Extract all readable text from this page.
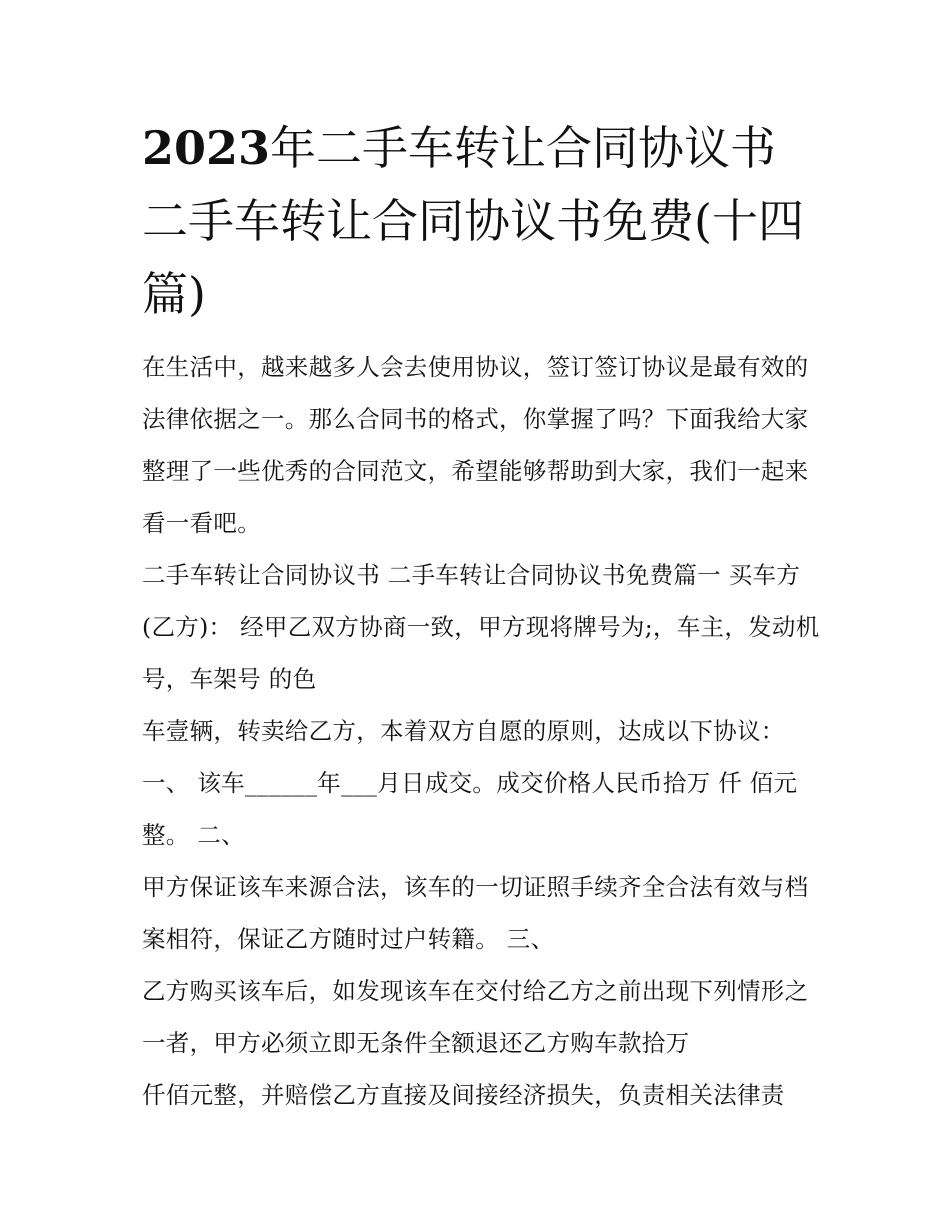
2023年二手车转让合同协议书二手车转让合同协议书免费(十四篇)

在生活中，越来越多人会去使用协议，签订签订协议是最有效的法律依据之一。那么合同书的格式，你掌握了吗？下面我给大家整理了一些优秀的合同范文，希望能够帮助到大家，我们一起来看一看吧。

二手车转让合同协议书 二手车转让合同协议书免费篇一 买车方(乙方)： 经甲乙双方协商一致，甲方现将牌号为;，车主，发动机号，车架号 的色

车壹辆，转卖给乙方，本着双方自愿的原则，达成以下协议：

一、 该车______年___月日成交。成交价格人民币拾万 仟 佰元整。 二、

甲方保证该车来源合法，该车的一切证照手续齐全合法有效与档案相符，保证乙方随时过户转籍。 三、

乙方购买该车后，如发现该车在交付给乙方之前出现下列情形之一者，甲方必须立即无条件全额退还乙方购车款拾万

仟佰元整，并赔偿乙方直接及间接经济损失，负责相关法律责
